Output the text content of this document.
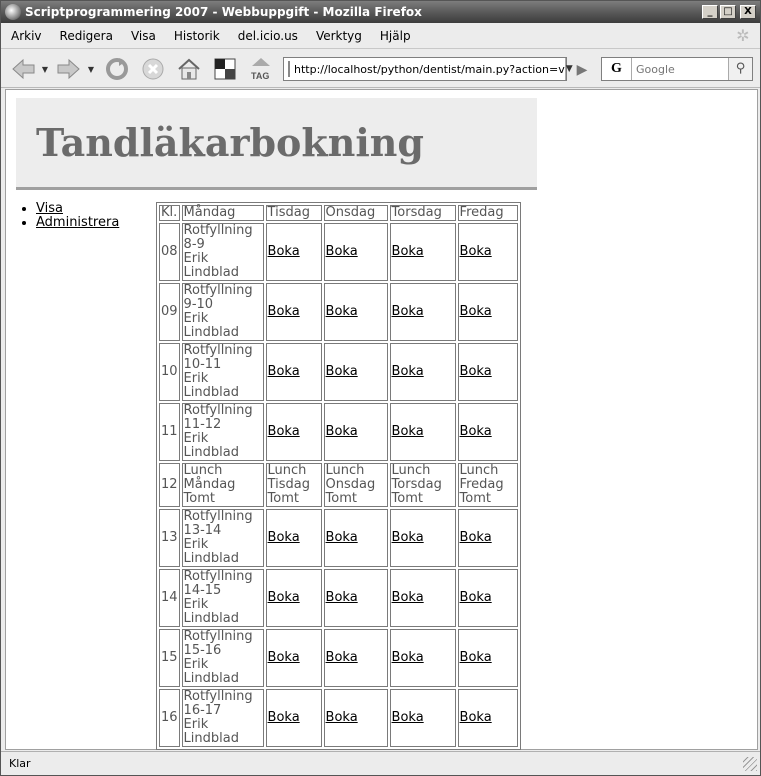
Scriptprogrammering 2007 - Webbuppgift - Mozilla Firefox	_	□	X
Arkiv	Redigera	Visa	Historik	del.icio.us	Verktyg	Hjälp	✲
▼	▼
TAG
http://localhost/python/dentist/main.py?action=v ▼ ▶	G
Google	⚲
Tandläkarbokning
• Visa
• Administrera
Kl.	Måndag	Tisdag	Onsdag	Torsdag	Fredag
08	Rotfyllning
8-9
Erik
Lindblad	Boka	Boka	Boka	Boka
09	Rotfyllning
9-10
Erik
Lindblad	Boka	Boka	Boka	Boka
10	Rotfyllning
10-11
Erik
Lindblad	Boka	Boka	Boka	Boka
11	Rotfyllning
11-12
Erik
Lindblad	Boka	Boka	Boka	Boka
12	Lunch
Måndag
Tomt	Lunch
Tisdag
Tomt	Lunch
Onsdag
Tomt	Lunch
Torsdag
Tomt	Lunch
Fredag
Tomt
13	Rotfyllning
13-14
Erik
Lindblad	Boka	Boka	Boka	Boka
14	Rotfyllning
14-15
Erik
Lindblad	Boka	Boka	Boka	Boka
15	Rotfyllning
15-16
Erik
Lindblad	Boka	Boka	Boka	Boka
16	Rotfyllning
16-17
Erik
Lindblad	Boka	Boka	Boka	Boka
Klar
